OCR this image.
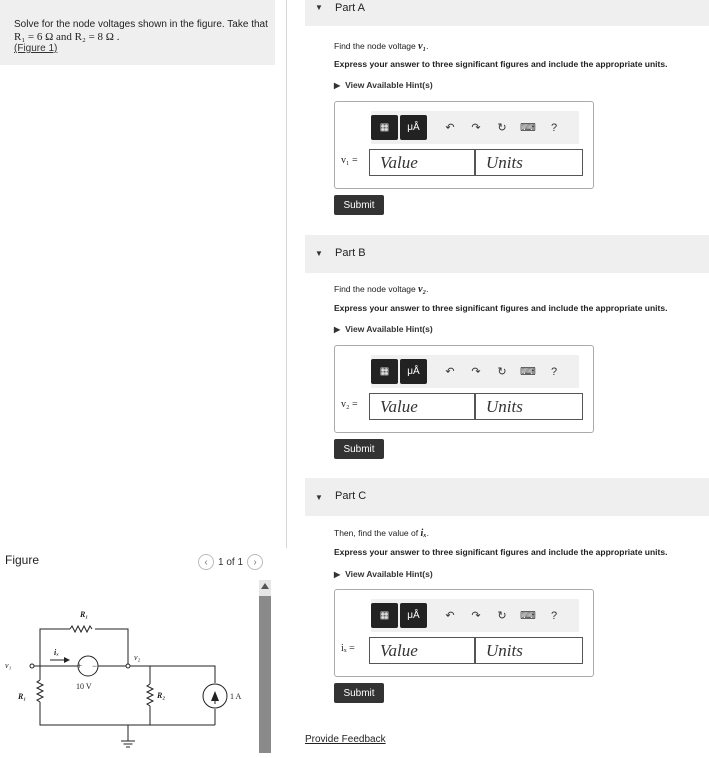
Solve for the node voltages shown in the figure. Take that
R₁ = 6 Ω and R₂ = 8 Ω .
(Figure 1)
Figure	‹	1 of 1	›
R₁
iₓ
v₁
v₂
+ −
10 V
R₁	R₂	1 A
▼ Part A
Find the node voltage v₁.
Express your answer to three significant figures and include the appropriate units.
▶ View Available Hint(s)
▦	μÅ	↶	↷	↻	⌨	?
v₁ =	Value	Units
Submit
▼ Part B
Find the node voltage v₂.
Express your answer to three significant figures and include the appropriate units.
▶ View Available Hint(s)
▦	μÅ	↶	↷	↻	⌨	?
v₂ =	Value	Units
Submit
▼ Part C
Then, find the value of iₓ.
Express your answer to three significant figures and include the appropriate units.
▶ View Available Hint(s)
▦	μÅ	↶	↷	↻	⌨	?
iₓ =	Value	Units
Submit
Provide Feedback
